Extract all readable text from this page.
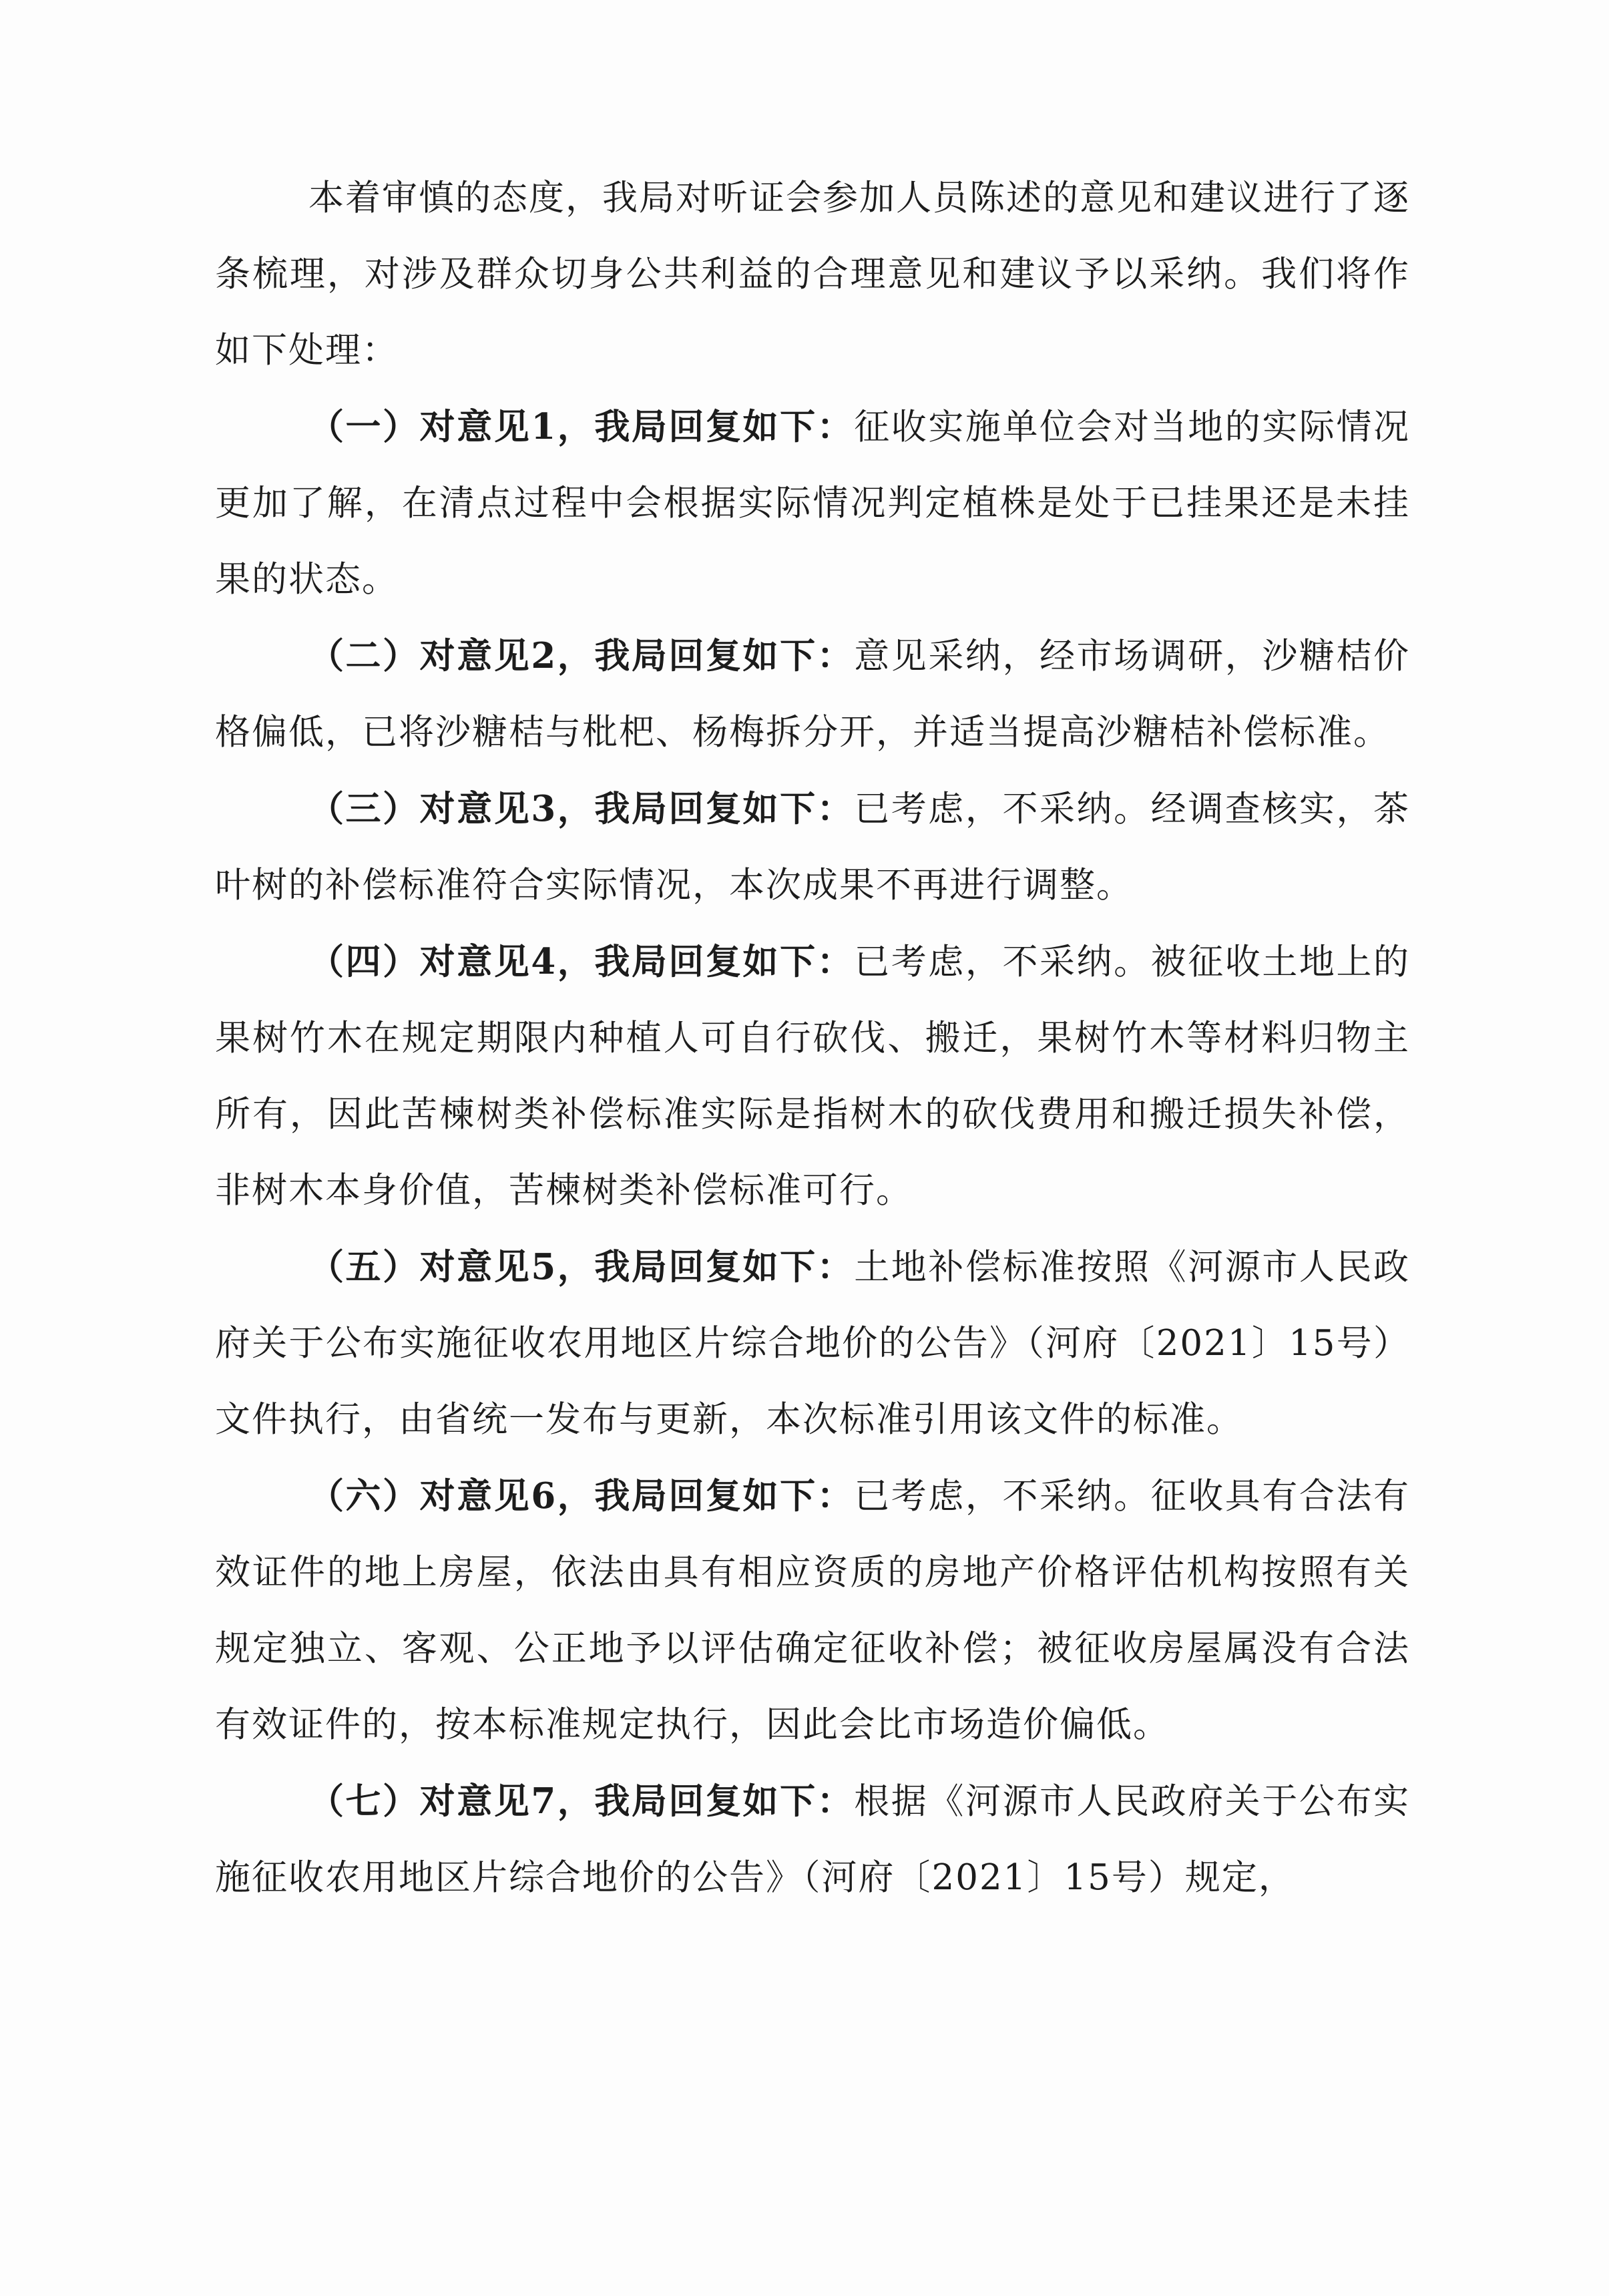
本着审慎的态度，我局对听证会参加人员陈述的意见和建议进行了逐条梳理，对涉及群众切身公共利益的合理意见和建议予以采纳。我们将作如下处理：

（一）对意见1，我局回复如下：征收实施单位会对当地的实际情况更加了解，在清点过程中会根据实际情况判定植株是处于已挂果还是未挂果的状态。

（二）对意见2，我局回复如下：意见采纳，经市场调研，沙糖桔价格偏低，已将沙糖桔与枇杷、杨梅拆分开，并适当提高沙糖桔补偿标准。

（三）对意见3，我局回复如下：已考虑，不采纳。经调查核实，茶叶树的补偿标准符合实际情况，本次成果不再进行调整。

（四）对意见4，我局回复如下：已考虑，不采纳。被征收土地上的果树竹木在规定期限内种植人可自行砍伐、搬迁，果树竹木等材料归物主所有，因此苦楝树类补偿标准实际是指树木的砍伐费用和搬迁损失补偿，非树木本身价值，苦楝树类补偿标准可行。

（五）对意见5，我局回复如下：土地补偿标准按照《河源市人民政府关于公布实施征收农用地区片综合地价的公告》（河府〔2021〕15号）文件执行，由省统一发布与更新，本次标准引用该文件的标准。

（六）对意见6，我局回复如下：已考虑，不采纳。征收具有合法有效证件的地上房屋，依法由具有相应资质的房地产价格评估机构按照有关规定独立、客观、公正地予以评估确定征收补偿；被征收房屋属没有合法有效证件的，按本标准规定执行，因此会比市场造价偏低。

（七）对意见7，我局回复如下：根据《河源市人民政府关于公布实施征收农用地区片综合地价的公告》（河府〔2021〕15号）规定，
